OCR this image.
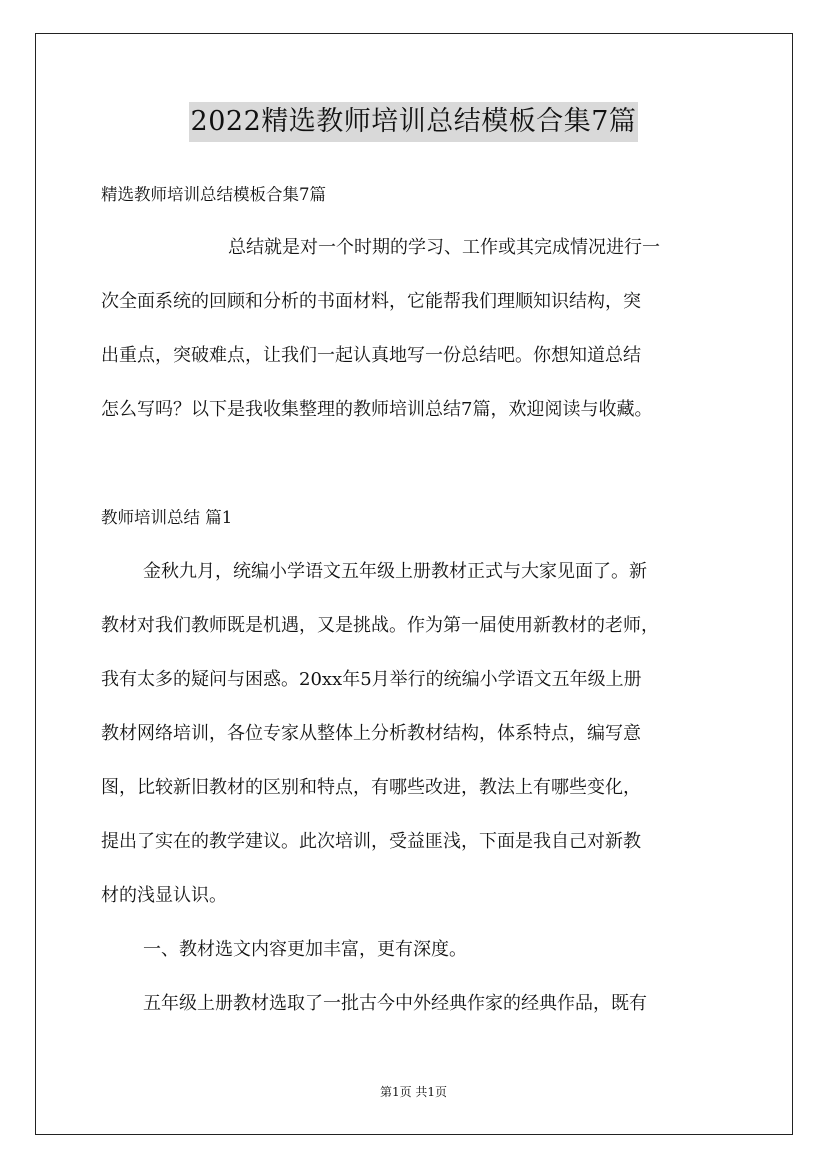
2022精选教师培训总结模板合集7篇
精选教师培训总结模板合集7篇
总结就是对一个时期的学习、工作或其完成情况进行一
次全面系统的回顾和分析的书面材料，它能帮我们理顺知识结构，突
出重点，突破难点，让我们一起认真地写一份总结吧。你想知道总结
怎么写吗？以下是我收集整理的教师培训总结7篇，欢迎阅读与收藏。
教师培训总结 篇1
金秋九月，统编小学语文五年级上册教材正式与大家见面了。新
教材对我们教师既是机遇，又是挑战。作为第一届使用新教材的老师，
我有太多的疑问与困惑。20xx年5月举行的统编小学语文五年级上册
教材网络培训，各位专家从整体上分析教材结构，体系特点，编写意
图，比较新旧教材的区别和特点，有哪些改进，教法上有哪些变化，
提出了实在的教学建议。此次培训，受益匪浅，下面是我自己对新教
材的浅显认识。
一、教材选文内容更加丰富，更有深度。
五年级上册教材选取了一批古今中外经典作家的经典作品，既有
第1页 共1页
